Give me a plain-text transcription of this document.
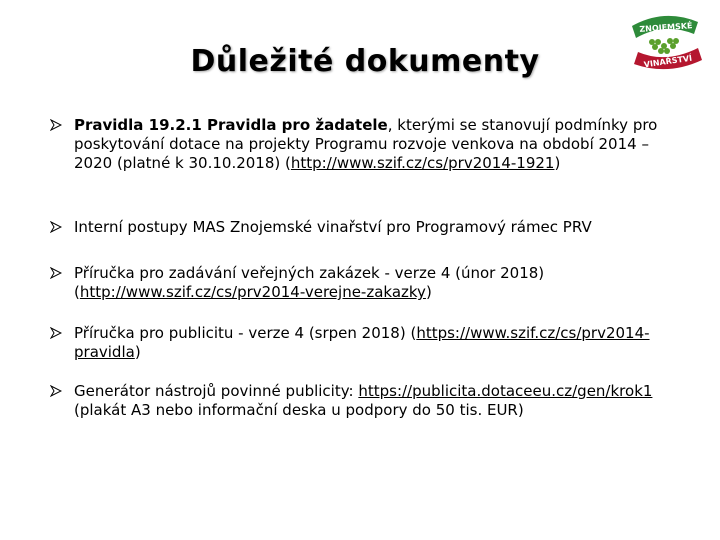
Důležité dokumenty
ZNOJEMSKÉ
VINAŘSTVÍ
Pravidla 19.2.1 Pravidla pro žadatele, kterými se stanovují podmínky pro poskytování dotace na projekty Programu rozvoje venkova na období 2014 – 2020 (platné k 30.10.2018) (http://www.szif.cz/cs/prv2014-1921)
Interní postupy MAS Znojemské vinařství pro Programový rámec PRV
Příručka pro zadávání veřejných zakázek - verze 4 (únor 2018) (http://www.szif.cz/cs/prv2014-verejne-zakazky)
Příručka pro publicitu - verze 4 (srpen 2018) (https://www.szif.cz/cs/prv2014-pravidla)
Generátor nástrojů povinné publicity: https://publicita.dotaceeu.cz/gen/krok1 (plakát A3 nebo informační deska u podpory do 50 tis. EUR)
